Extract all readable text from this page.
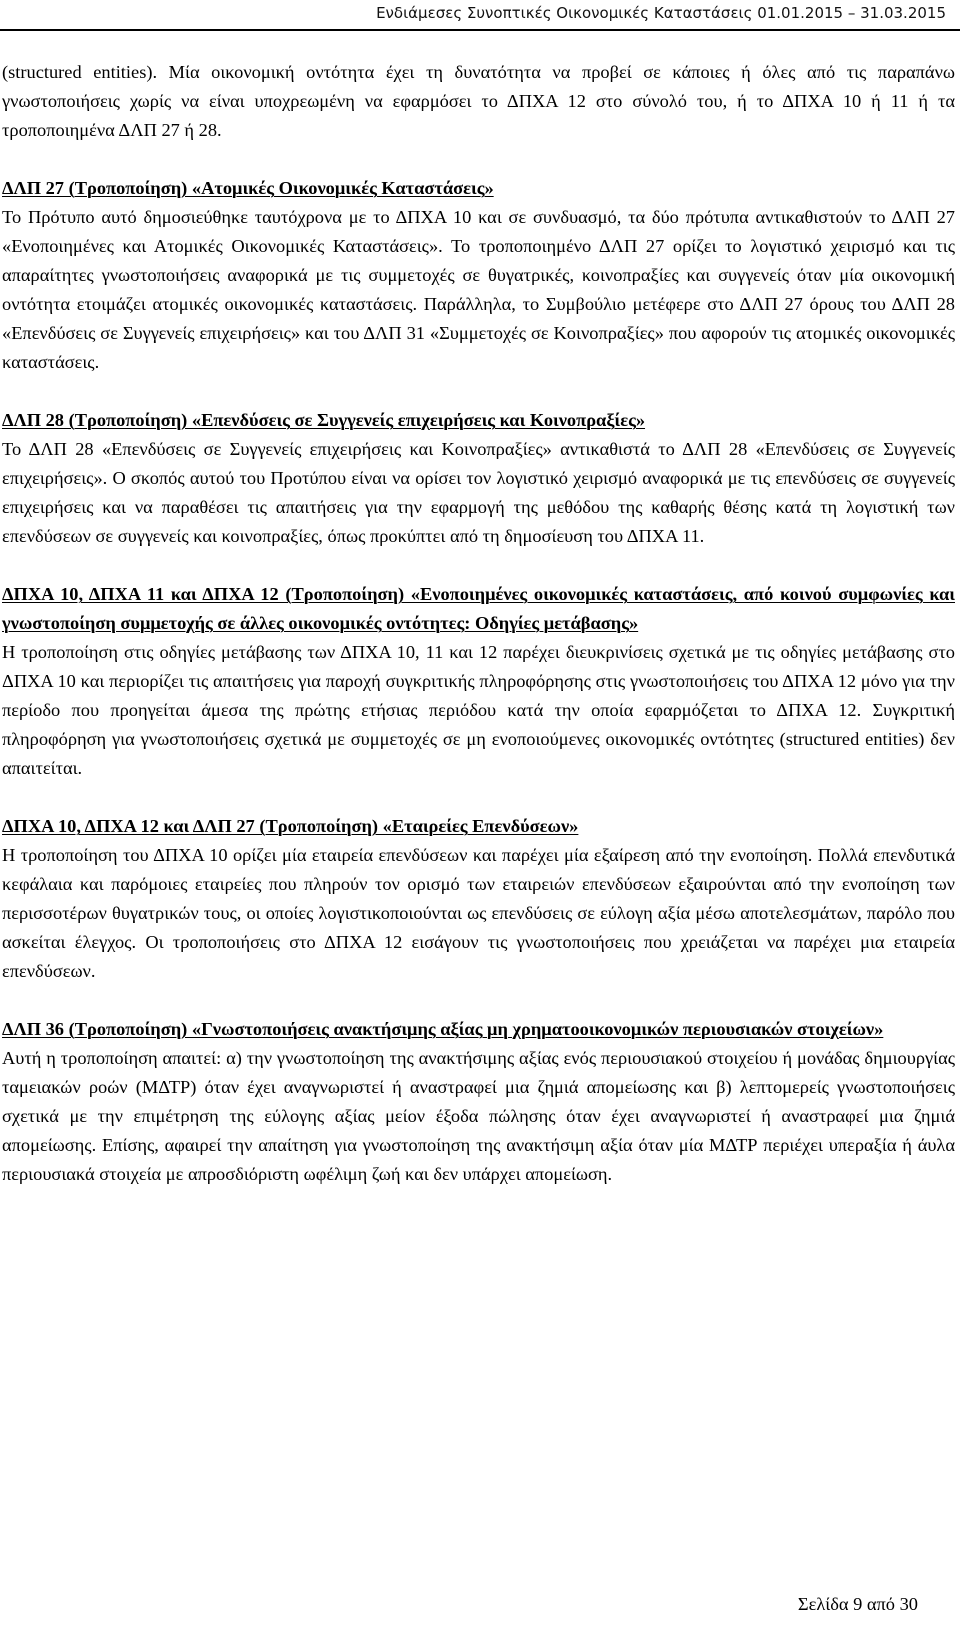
Ενδιάμεσες Συνοπτικές Οικονομικές Καταστάσεις 01.01.2015 – 31.03.2015

(structured entities). Μία οικονομική οντότητα έχει τη δυνατότητα να προβεί σε κάποιες ή όλες από τις παραπάνω γνωστοποιήσεις χωρίς να είναι υποχρεωμένη να εφαρμόσει το ΔΠΧΑ 12 στο σύνολό του, ή το ΔΠΧΑ 10 ή 11 ή τα τροποποιημένα ΔΛΠ 27 ή 28.

ΔΛΠ 27 (Τροποποίηση) «Ατομικές Οικονομικές Καταστάσεις»

Το Πρότυπο αυτό δημοσιεύθηκε ταυτόχρονα με το ΔΠΧΑ 10 και σε συνδυασμό, τα δύο πρότυπα αντικαθιστούν το ΔΛΠ 27 «Ενοποιημένες και Ατομικές Οικονομικές Καταστάσεις». Το τροποποιημένο ΔΛΠ 27 ορίζει το λογιστικό χειρισμό και τις απαραίτητες γνωστοποιήσεις αναφορικά με τις συμμετοχές σε θυγατρικές, κοινοπραξίες και συγγενείς όταν μία οικονομική οντότητα ετοιμάζει ατομικές οικονομικές καταστάσεις. Παράλληλα, το Συμβούλιο μετέφερε στο ΔΛΠ 27 όρους του ΔΛΠ 28 «Επενδύσεις σε Συγγενείς επιχειρήσεις» και του ΔΛΠ 31 «Συμμετοχές σε Κοινοπραξίες» που αφορούν τις ατομικές οικονομικές καταστάσεις.

ΔΛΠ 28 (Τροποποίηση) «Επενδύσεις σε Συγγενείς επιχειρήσεις και Κοινοπραξίες»

Το ΔΛΠ 28 «Επενδύσεις σε Συγγενείς επιχειρήσεις και Κοινοπραξίες» αντικαθιστά το ΔΛΠ 28 «Επενδύσεις σε Συγγενείς επιχειρήσεις». Ο σκοπός αυτού του Προτύπου είναι να ορίσει τον λογιστικό χειρισμό αναφορικά με τις επενδύσεις σε συγγενείς επιχειρήσεις και να παραθέσει τις απαιτήσεις για την εφαρμογή της μεθόδου της καθαρής θέσης κατά τη λογιστική των επενδύσεων σε συγγενείς και κοινοπραξίες, όπως προκύπτει από τη δημοσίευση του ΔΠΧΑ 11.

ΔΠΧΑ 10, ΔΠΧΑ 11 και ΔΠΧΑ 12 (Τροποποίηση) «Ενοποιημένες οικονομικές καταστάσεις, από κοινού συμφωνίες και γνωστοποίηση συμμετοχής σε άλλες οικονομικές οντότητες: Οδηγίες μετάβασης»

Η τροποποίηση στις οδηγίες μετάβασης των ΔΠΧΑ 10, 11 και 12 παρέχει διευκρινίσεις σχετικά με τις οδηγίες μετάβασης στο ΔΠΧΑ 10 και περιορίζει τις απαιτήσεις για παροχή συγκριτικής πληροφόρησης στις γνωστοποιήσεις του ΔΠΧΑ 12 μόνο για την περίοδο που προηγείται άμεσα της πρώτης ετήσιας περιόδου κατά την οποία εφαρμόζεται το ΔΠΧΑ 12. Συγκριτική πληροφόρηση για γνωστοποιήσεις σχετικά με συμμετοχές σε μη ενοποιούμενες οικονομικές οντότητες (structured entities) δεν απαιτείται.

ΔΠΧΑ 10, ΔΠΧΑ 12 και ΔΛΠ 27 (Τροποποίηση) «Εταιρείες Επενδύσεων»

Η τροποποίηση του ΔΠΧΑ 10 ορίζει μία εταιρεία επενδύσεων και παρέχει μία εξαίρεση από την ενοποίηση. Πολλά επενδυτικά κεφάλαια και παρόμοιες εταιρείες που πληρούν τον ορισμό των εταιρειών επενδύσεων εξαιρούνται από την ενοποίηση των περισσοτέρων θυγατρικών τους, οι οποίες λογιστικοποιούνται ως επενδύσεις σε εύλογη αξία μέσω αποτελεσμάτων, παρόλο που ασκείται έλεγχος. Οι τροποποιήσεις στο ΔΠΧΑ 12 εισάγουν τις γνωστοποιήσεις που χρειάζεται να παρέχει μια εταιρεία επενδύσεων.

ΔΛΠ 36 (Τροποποίηση) «Γνωστοποιήσεις ανακτήσιμης αξίας μη χρηματοοικονομικών περιουσιακών στοιχείων»

Αυτή η τροποποίηση απαιτεί: α) την γνωστοποίηση της ανακτήσιμης αξίας ενός περιουσιακού στοιχείου ή μονάδας δημιουργίας ταμειακών ροών (ΜΔΤΡ) όταν έχει αναγνωριστεί ή αναστραφεί μια ζημιά απομείωσης και β) λεπτομερείς γνωστοποιήσεις σχετικά με την επιμέτρηση της εύλογης αξίας μείον έξοδα πώλησης όταν έχει αναγνωριστεί ή αναστραφεί μια ζημιά απομείωσης. Επίσης, αφαιρεί την απαίτηση για γνωστοποίηση της ανακτήσιμη αξία όταν μία ΜΔΤΡ περιέχει υπεραξία ή άυλα περιουσιακά στοιχεία με απροσδιόριστη ωφέλιμη ζωή και δεν υπάρχει απομείωση.

Σελίδα 9 από 30
